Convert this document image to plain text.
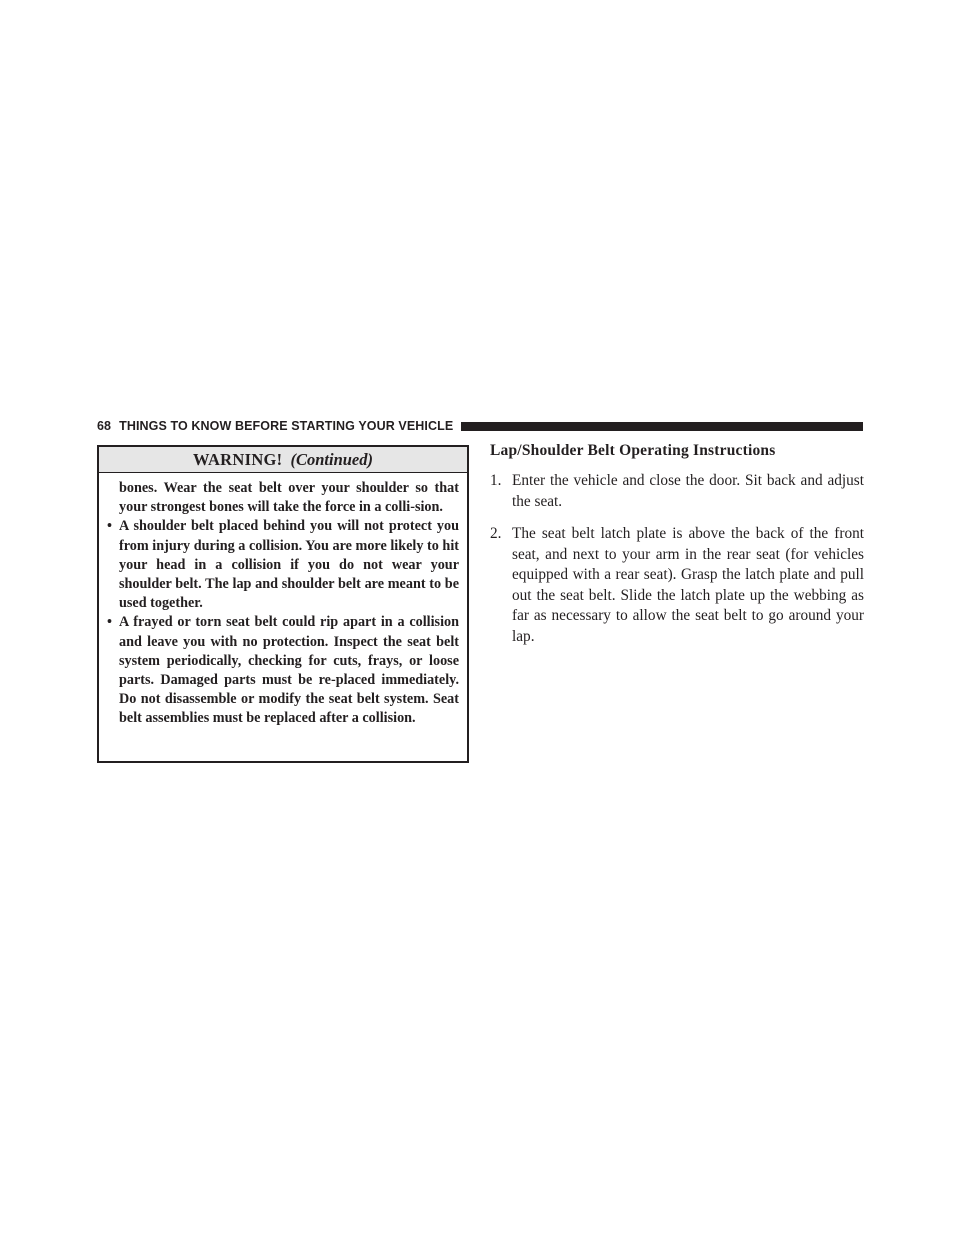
68 THINGS TO KNOW BEFORE STARTING YOUR VEHICLE
WARNING! (Continued)

bones. Wear the seat belt over your shoulder so that your strongest bones will take the force in a colli-sion.

• A shoulder belt placed behind you will not protect you from injury during a collision. You are more likely to hit your head in a collision if you do not wear your shoulder belt. The lap and shoulder belt are meant to be used together.
• A frayed or torn seat belt could rip apart in a collision and leave you with no protection. Inspect the seat belt system periodically, checking for cuts, frays, or loose parts. Damaged parts must be re-placed immediately. Do not disassemble or modify the seat belt system. Seat belt assemblies must be replaced after a collision.
Lap/Shoulder Belt Operating Instructions
1. Enter the vehicle and close the door. Sit back and adjust the seat.
2. The seat belt latch plate is above the back of the front seat, and next to your arm in the rear seat (for vehicles equipped with a rear seat). Grasp the latch plate and pull out the seat belt. Slide the latch plate up the webbing as far as necessary to allow the seat belt to go around your lap.
